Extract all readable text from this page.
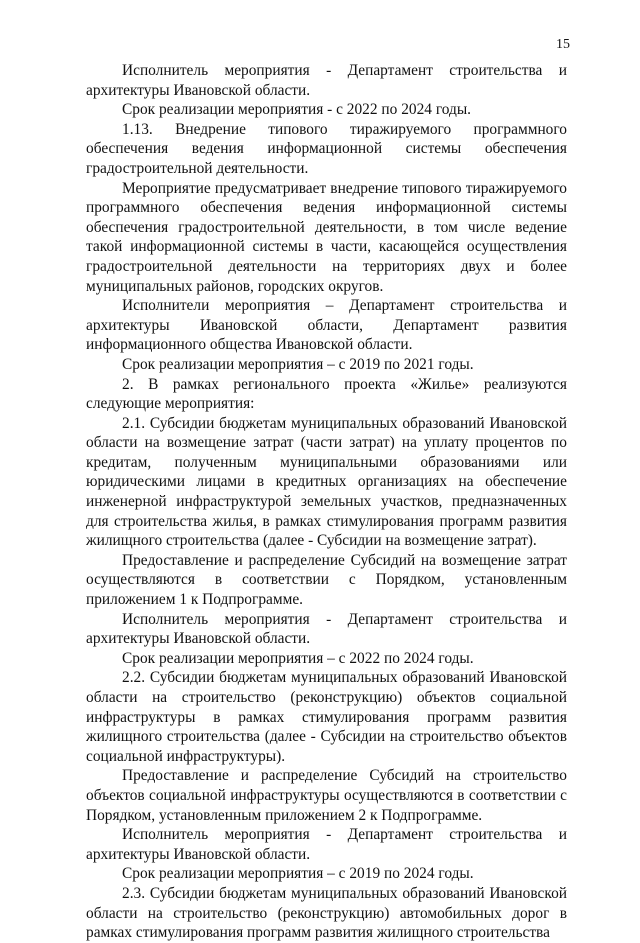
15

Исполнитель мероприятия - Департамент строительства и архитектуры Ивановской области.

Срок реализации мероприятия - с 2022 по 2024 годы.

1.13. Внедрение типового тиражируемого программного обеспечения ведения информационной системы обеспечения градостроительной деятельности.

Мероприятие предусматривает внедрение типового тиражируемого программного обеспечения ведения информационной системы обеспечения градостроительной деятельности, в том числе ведение такой информационной системы в части, касающейся осуществления градостроительной деятельности на территориях двух и более муниципальных районов, городских округов.

Исполнители мероприятия – Департамент строительства и архитектуры Ивановской области, Департамент развития информационного общества Ивановской области.

Срок реализации мероприятия – с 2019 по 2021 годы.

2. В рамках регионального проекта «Жилье» реализуются следующие мероприятия:

2.1. Субсидии бюджетам муниципальных образований Ивановской области на возмещение затрат (части затрат) на уплату процентов по кредитам, полученным муниципальными образованиями или юридическими лицами в кредитных организациях на обеспечение инженерной инфраструктурой земельных участков, предназначенных для строительства жилья, в рамках стимулирования программ развития жилищного строительства (далее - Субсидии на возмещение затрат).

Предоставление и распределение Субсидий на возмещение затрат осуществляются в соответствии с Порядком, установленным приложением 1 к Подпрограмме.

Исполнитель мероприятия - Департамент строительства и архитектуры Ивановской области.

Срок реализации мероприятия – с 2022 по 2024 годы.

2.2. Субсидии бюджетам муниципальных образований Ивановской области на строительство (реконструкцию) объектов социальной инфраструктуры в рамках стимулирования программ развития жилищного строительства (далее - Субсидии на строительство объектов социальной инфраструктуры).

Предоставление и распределение Субсидий на строительство объектов социальной инфраструктуры осуществляются в соответствии с Порядком, установленным приложением 2 к Подпрограмме.

Исполнитель мероприятия - Департамент строительства и архитектуры Ивановской области.

Срок реализации мероприятия – с 2019 по 2024 годы.

2.3. Субсидии бюджетам муниципальных образований Ивановской области на строительство (реконструкцию) автомобильных дорог в рамках стимулирования программ развития жилищного строительства
